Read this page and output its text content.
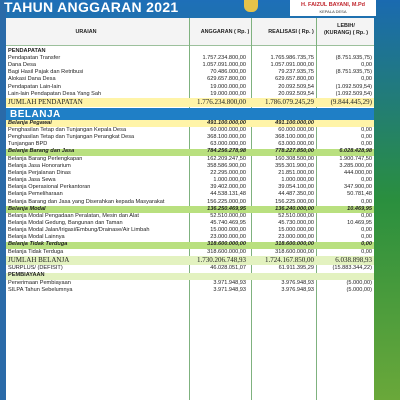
TAHUN ANGGARAN 2021	H. FAIZUL BAYANI, M.Pd
KEPALA DESA
URAIAN	ANGGARAN ( Rp. )	REALISASI ( Rp. )
LEBIH/
(KURANG) ( Rp. )
PENDAPATAN
Pendapatan Transfer	1.757.234.800,00	1.765.986.735,75	(8.751.935,75)
Dana Desa	1.057.091.000,00	1.057.091.000,00	0,00
Bagi Hasil Pajak dan Retribusi	70.486.000,00	79.237.935,75	(8.751.935,75)
Alokasi Dana Desa	629.657.800,00	629.657.800,00	0,00
Pendapatan Lain-lain	19.000.000,00	20.092.509,54	(1.092.509,54)
Lain-lain Pendapatan Desa Yang Sah	19.000.000,00	20.092.509,54	(1.092.509,54)
JUMLAH PENDAPATAN	1.776.234.800,00	1.786.079.245,29 (9.844.445,29)
BELANJA
Belanja Pegawai	491.100.000,00	491.100.000,00
Penghasilan Tetap dan Tunjangan Kepala Desa	60.000.000,00	60.000.000,00	0,00
Penghasilan Tetap dan Tunjangan Perangkat Desa	368.100.000,00	368.100.000,00	0,00
Tunjangan BPD	63.000.000,00	63.000.000,00	0,00
Belanja Barang dan Jasa	784.256.278,98	778.227.850,00	6.028.428,98
Belanja Barang Perlengkapan	162.209.247,50	160.308.500,00	1.900.747,50
Belanja Jasa Honorarium	358.586.900,00	355.301.900,00	3.285.000,00
Belanja Perjalanan Dinas	22.295.000,00	21.851.000,00	444.000,00
Belanja Jasa Sewa	1.000.000,00	1.000.000,00	0,00
Belanja Operasional Perkantoran	39.402.000,00	39.054.100,00	347.900,00
Belanja Pemeliharaan	44.538.131,48	44.487.350,00	50.781,48
Belanja Barang dan Jasa yang Diserahkan kepada Masyarakat	156.225.000,00	156.225.000,00	0,00
Belanja Modal	136.250.469,95	136.240.000,00	10.469,95
Belanja Modal Pengadaan Peralatan, Mesin dan Alat	52.510.000,00	52.510.000,00	0,00
Belanja Modal Gedung, Bangunan dan Taman	45.740.469,95	45.730.000,00	10.469,95
Belanja Modal Jalan/Irigasi/Embung/Drainase/Air Limbah	15.000.000,00	15.000.000,00	0,00
Belanja Modal Lainnya	23.000.000,00	23.000.000,00	0,00
Belanja Tidak Terduga	318.600.000,00	318.600.000,00	0,00
Belanja Tidak Terduga	318.600.000,00	318.600.000,00	0,00
JUMLAH BELANJA	1.730.206.748,93	1.724.167.850,00	6.038.898,93
SURPLUS/ (DEFISIT)	46.028.051,07	61.911.395,29	(15.883.344,22)
PEMBIAYAAN
Penerimaan Pembiayaan	3.971.948,93	3.976.948,93	(5.000,00)
SILPA Tahun Sebelumnya	3.971.948,93	3.976.948,93	(5.000,00)
